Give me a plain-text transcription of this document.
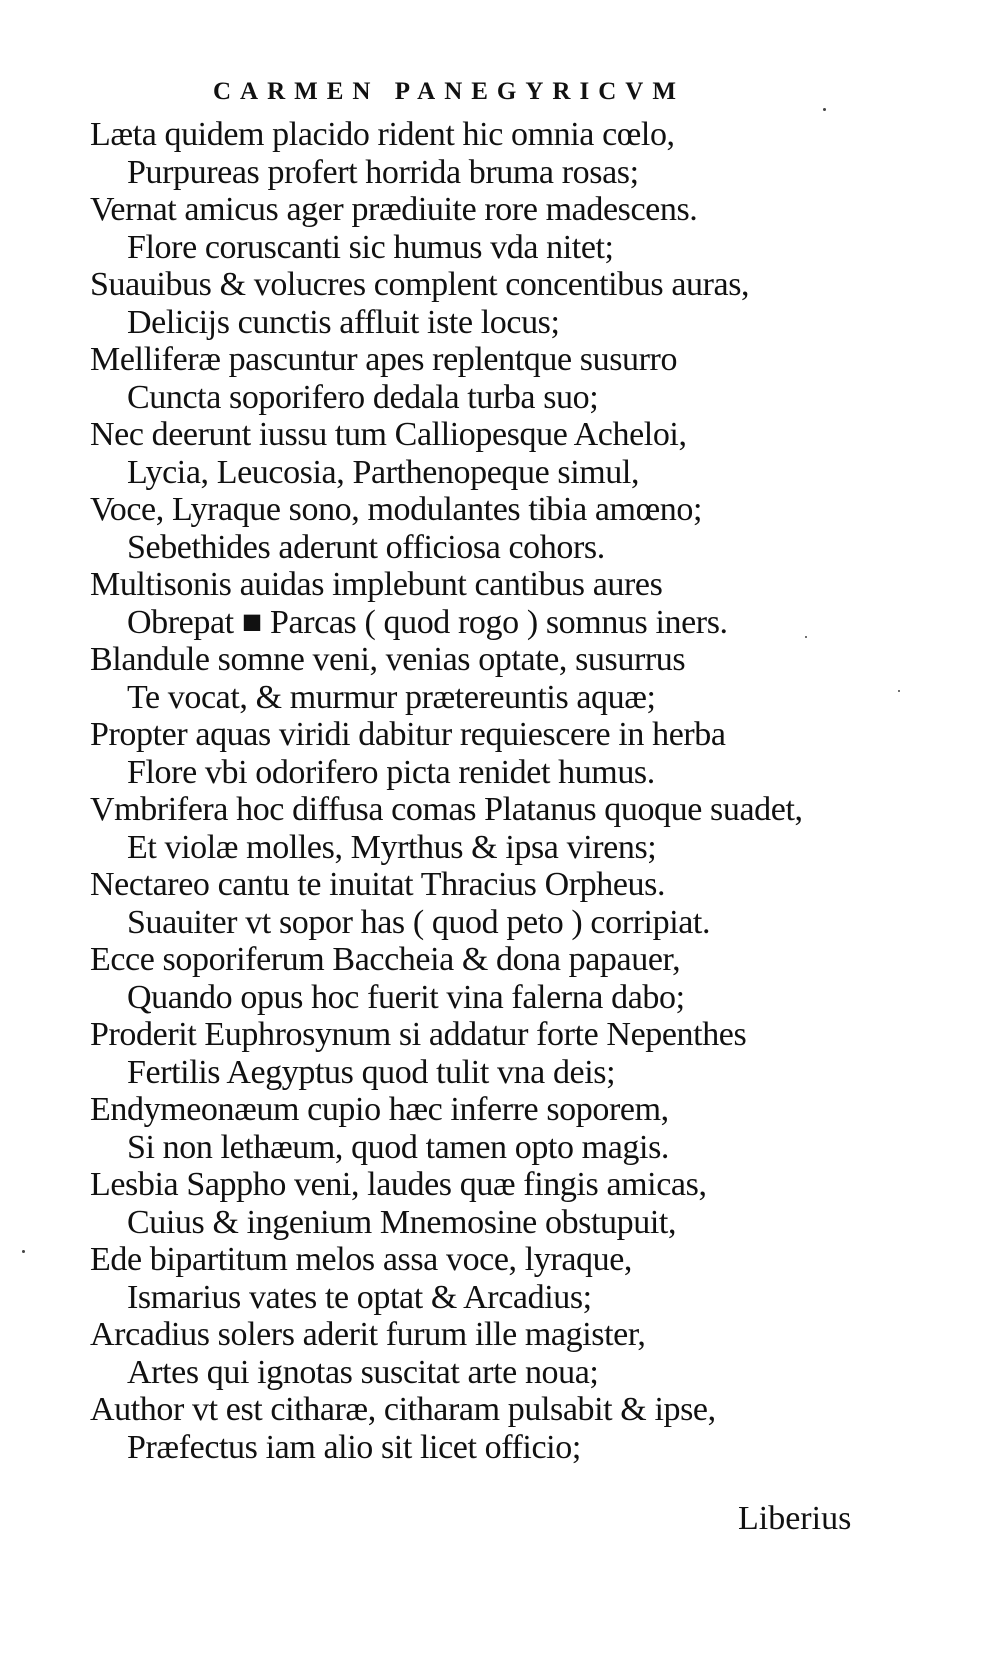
CARMEN PANEGYRICVM
Læta quidem placido rident hic omnia cœlo,
Purpureas profert horrida bruma rosas;
Vernat amicus ager prædiuite rore madescens.
Flore coruscanti sic humus vda nitet;
Suauibus & volucres complent concentibus auras,
Delicijs cunctis affluit iste locus;
Melliferæ pascuntur apes replentque susurro
Cuncta soporifero dedala turba suo;
Nec deerunt iussu tum Calliopesque Acheloi,
Lycia, Leucosia, Parthenopeque simul,
Voce, Lyraque sono, modulantes tibia amœno;
Sebethides aderunt officiosa cohors.
Multisonis auidas implebunt cantibus aures
Obrepat ■ Parcas ( quod rogo ) somnus iners.
Blandule somne veni, venias optate, susurrus
Te vocat, & murmur prætereuntis aquæ;
Propter aquas viridi dabitur requiescere in herba
Flore vbi odorifero picta renidet humus.
Vmbrifera hoc diffusa comas Platanus quoque suadet,
Et violæ molles, Myrthus & ipsa virens;
Nectareo cantu te inuitat Thracius Orpheus.
Suauiter vt sopor has ( quod peto ) corripiat.
Ecce soporiferum Baccheia & dona papauer,
Quando opus hoc fuerit vina falerna dabo;
Proderit Euphrosynum si addatur forte Nepenthes
Fertilis Aegyptus quod tulit vna deis;
Endymeonæum cupio hæc inferre soporem,
Si non lethæum, quod tamen opto magis.
Lesbia Sappho veni, laudes quæ fingis amicas,
Cuius & ingenium Mnemosine obstupuit,
Ede bipartitum melos assa voce, lyraque,
Ismarius vates te optat & Arcadius;
Arcadius solers aderit furum ille magister,
Artes qui ignotas suscitat arte noua;
Author vt est citharæ, citharam pulsabit & ipse,
Præfectus iam alio sit licet officio;
Liberius
